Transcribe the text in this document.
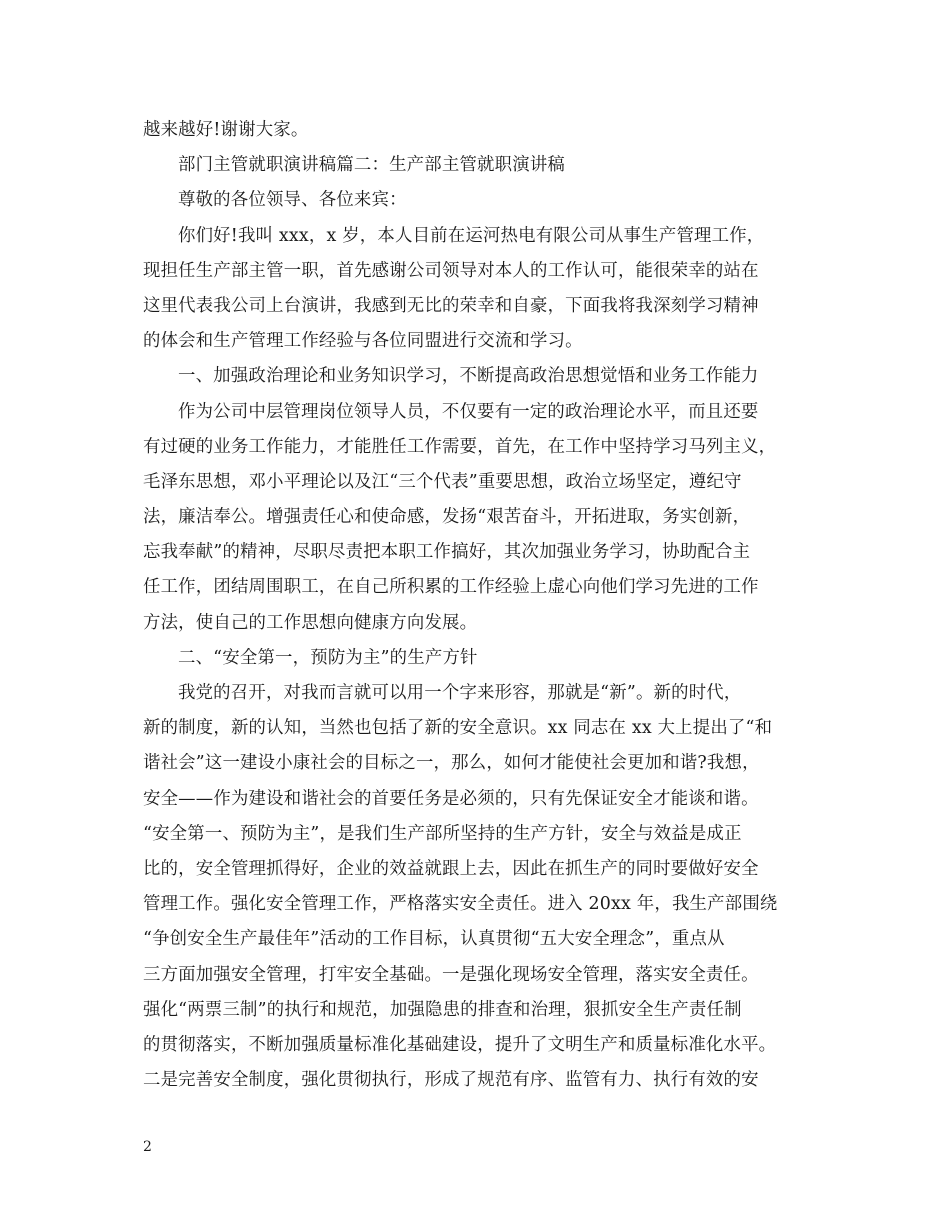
越来越好!谢谢大家。
部门主管就职演讲稿篇二：生产部主管就职演讲稿
尊敬的各位领导、各位来宾：
你们好!我叫 xxx，x 岁，本人目前在运河热电有限公司从事生产管理工作，
现担任生产部主管一职，首先感谢公司领导对本人的工作认可，能很荣幸的站在
这里代表我公司上台演讲，我感到无比的荣幸和自豪，下面我将我深刻学习精神
的体会和生产管理工作经验与各位同盟进行交流和学习。
一、加强政治理论和业务知识学习，不断提高政治思想觉悟和业务工作能力
作为公司中层管理岗位领导人员，不仅要有一定的政治理论水平，而且还要
有过硬的业务工作能力，才能胜任工作需要，首先，在工作中坚持学习马列主义，
毛泽东思想，邓小平理论以及江“三个代表”重要思想，政治立场坚定，遵纪守
法，廉洁奉公。增强责任心和使命感，发扬“艰苦奋斗，开拓进取，务实创新，
忘我奉献”的精神，尽职尽责把本职工作搞好，其次加强业务学习，协助配合主
任工作，团结周围职工，在自己所积累的工作经验上虚心向他们学习先进的工作
方法，使自己的工作思想向健康方向发展。
二、“安全第一，预防为主”的生产方针
我党的召开，对我而言就可以用一个字来形容，那就是“新”。新的时代，
新的制度，新的认知，当然也包括了新的安全意识。xx 同志在 xx 大上提出了“和
谐社会”这一建设小康社会的目标之一，那么，如何才能使社会更加和谐?我想，
安全——作为建设和谐社会的首要任务是必须的，只有先保证安全才能谈和谐。
“安全第一、预防为主”，是我们生产部所坚持的生产方针，安全与效益是成正
比的，安全管理抓得好，企业的效益就跟上去，因此在抓生产的同时要做好安全
管理工作。强化安全管理工作，严格落实安全责任。进入 20xx 年，我生产部围绕
“争创安全生产最佳年”活动的工作目标，认真贯彻“五大安全理念”，重点从
三方面加强安全管理，打牢安全基础。一是强化现场安全管理，落实安全责任。
强化“两票三制”的执行和规范，加强隐患的排查和治理，狠抓安全生产责任制
的贯彻落实，不断加强质量标准化基础建设，提升了文明生产和质量标准化水平。
二是完善安全制度，强化贯彻执行，形成了规范有序、监管有力、执行有效的安
2
